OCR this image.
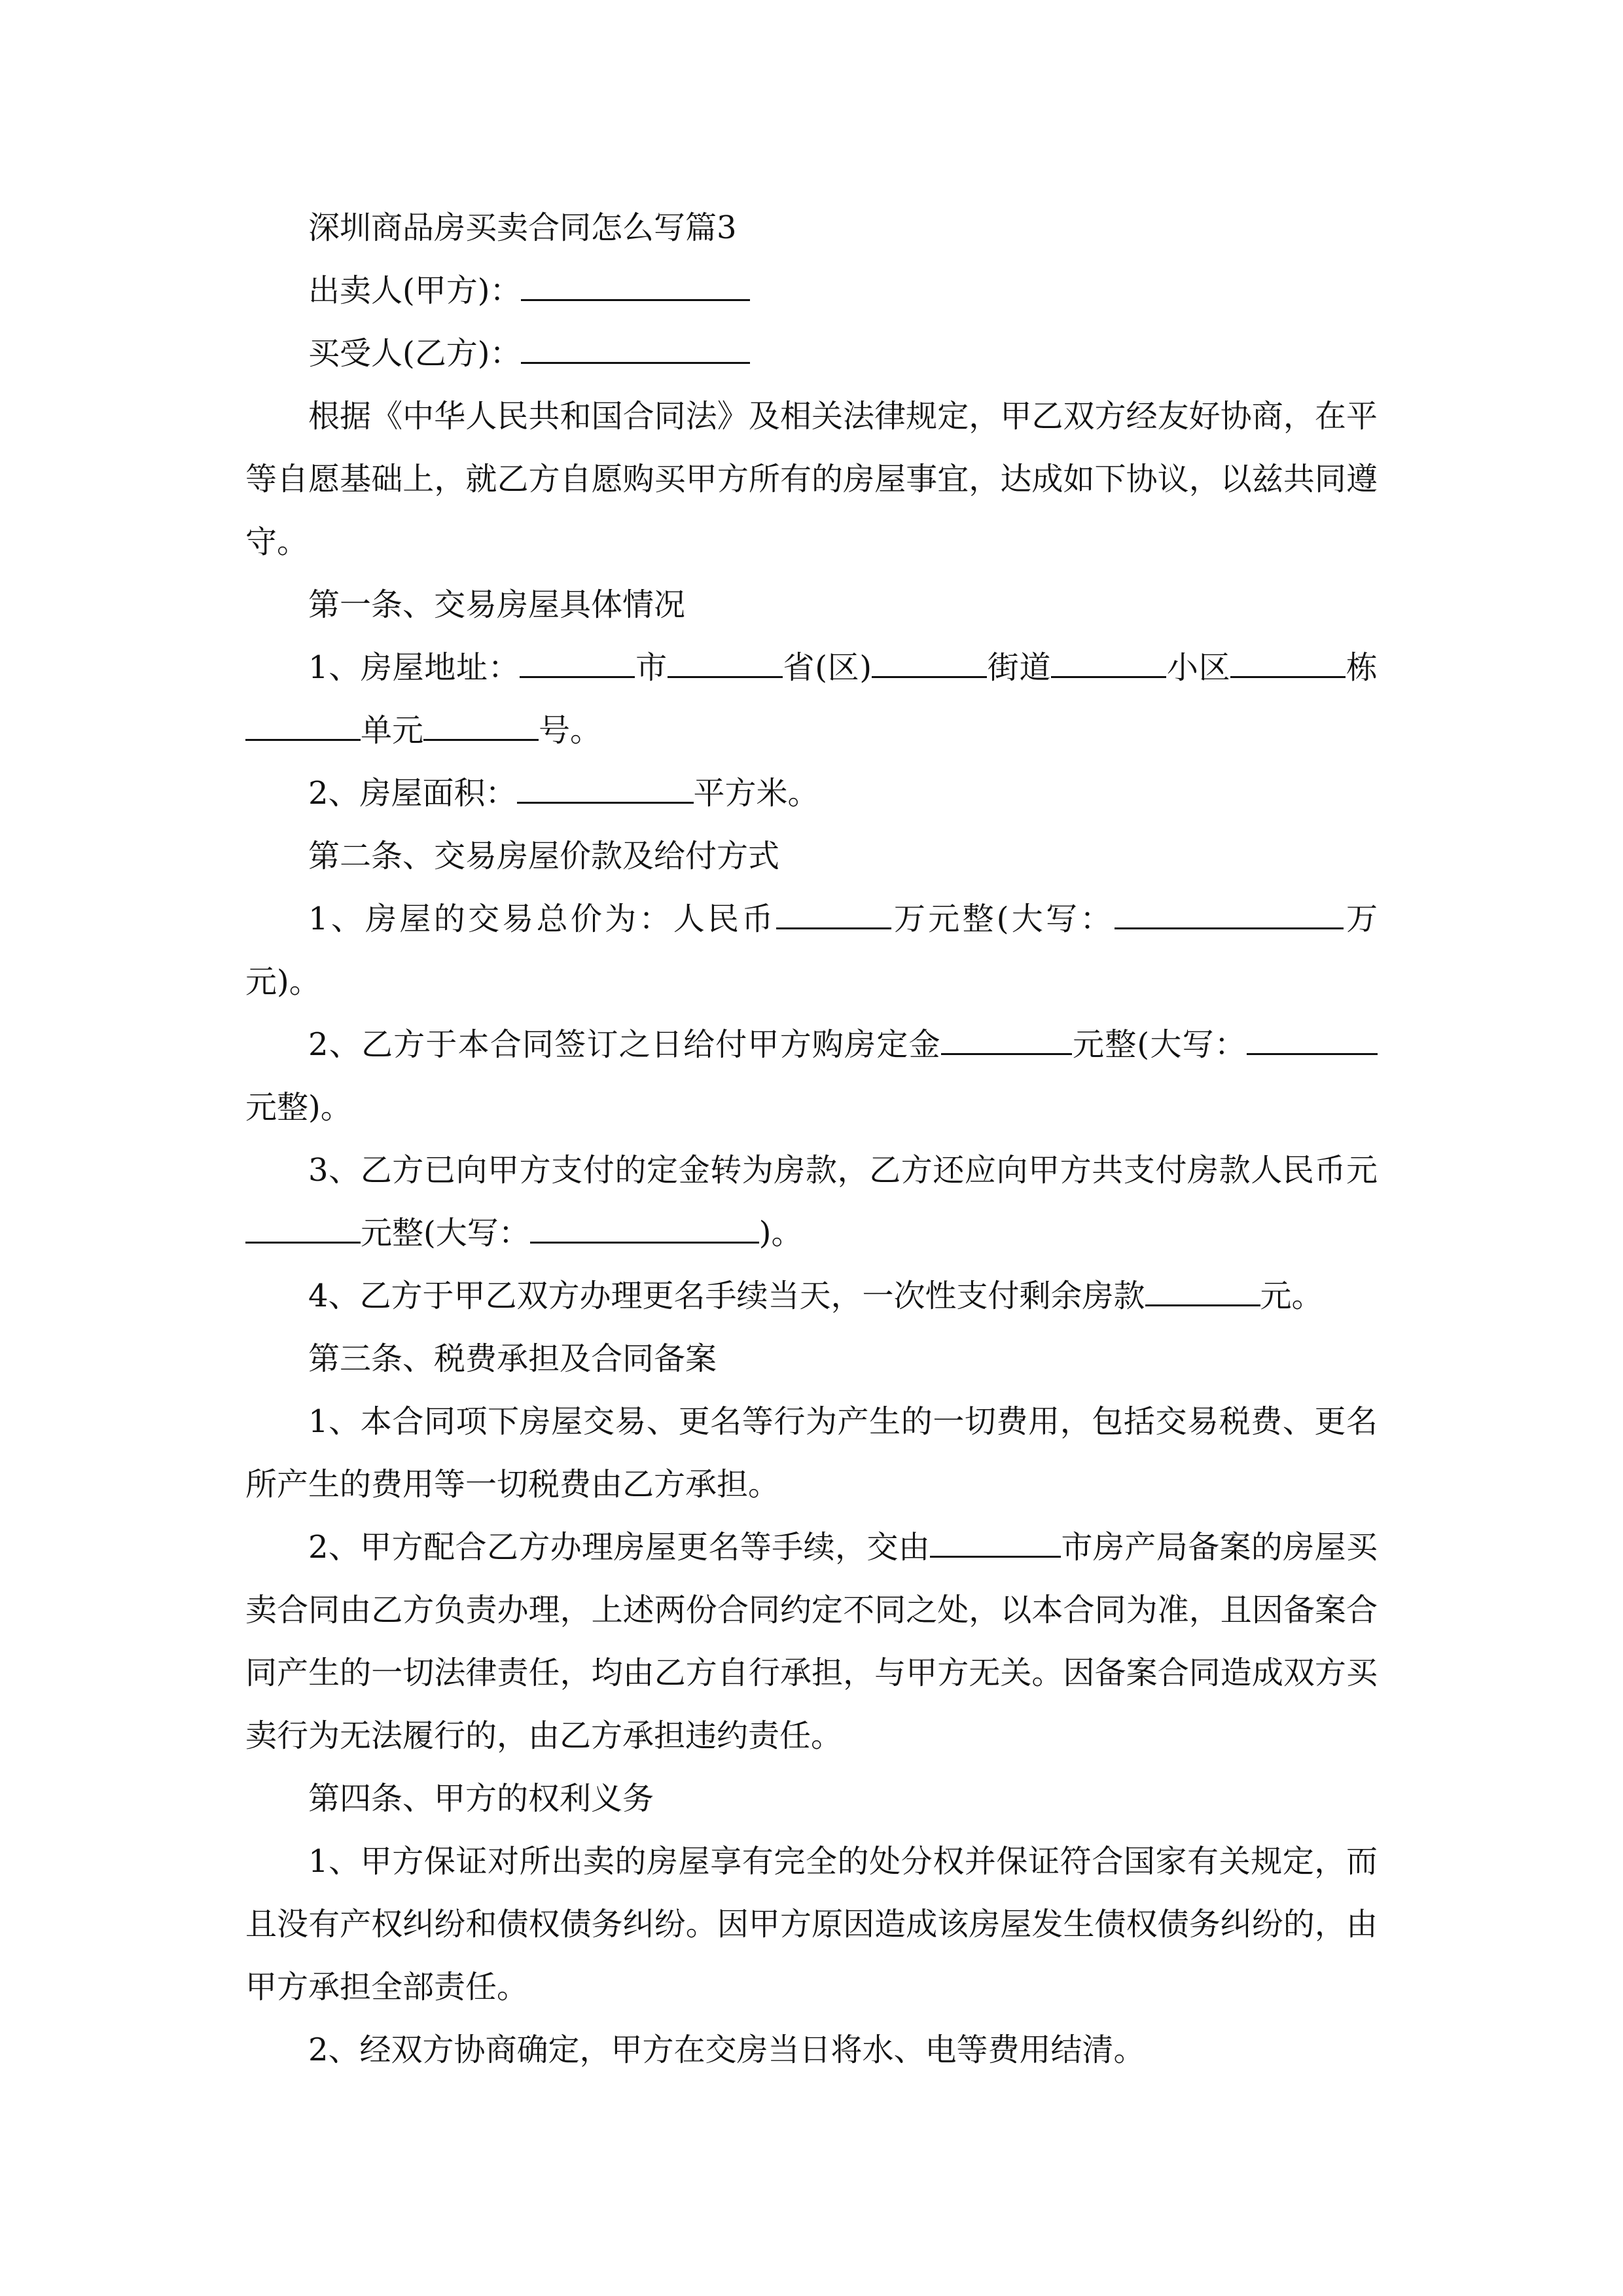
深圳商品房买卖合同怎么写篇3
出卖人(甲方)：
买受人(乙方)：
根据《中华人民共和国合同法》及相关法律规定，甲乙双方经友好协商，在平等自愿基础上，就乙方自愿购买甲方所有的房屋事宜，达成如下协议，以兹共同遵守。
第一条、交易房屋具体情况
1、房屋地址：	市	省(区)	街道	小区	栋单元	号。
2、房屋面积：	平方米。
第二条、交易房屋价款及给付方式
1、房屋的交易总价为：人民币	万元整(大写：	万元)。
2、乙方于本合同签订之日给付甲方购房定金	元整(大写：元整)。
3、乙方已向甲方支付的定金转为房款，乙方还应向甲方共支付房款人民币元元整(大写：	)。
4、乙方于甲乙双方办理更名手续当天，一次性支付剩余房款	元。
第三条、税费承担及合同备案
1、本合同项下房屋交易、更名等行为产生的一切费用，包括交易税费、更名所产生的费用等一切税费由乙方承担。
2、甲方配合乙方办理房屋更名等手续，交由	市房产局备案的房屋买卖合同由乙方负责办理，上述两份合同约定不同之处，以本合同为准，且因备案合同产生的一切法律责任，均由乙方自行承担，与甲方无关。因备案合同造成双方买卖行为无法履行的，由乙方承担违约责任。
第四条、甲方的权利义务
1、甲方保证对所出卖的房屋享有完全的处分权并保证符合国家有关规定，而且没有产权纠纷和债权债务纠纷。因甲方原因造成该房屋发生债权债务纠纷的，由甲方承担全部责任。
2、经双方协商确定，甲方在交房当日将水、电等费用结清。
